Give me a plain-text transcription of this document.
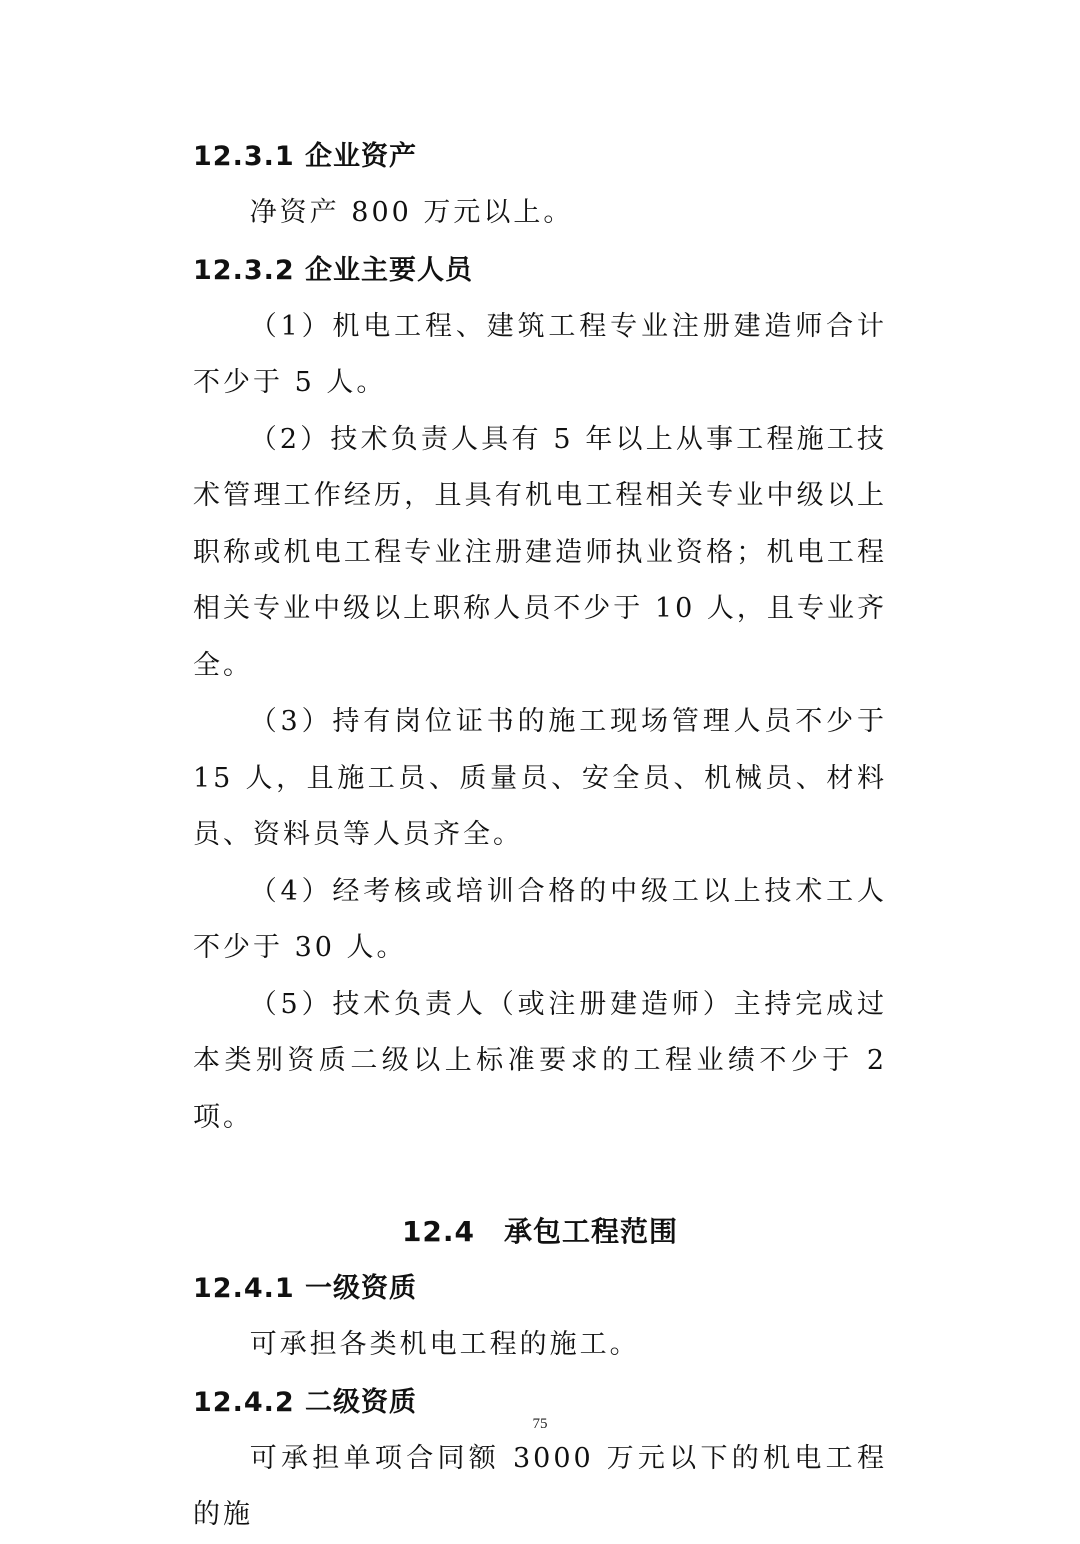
12.3.1 企业资产

净资产 800 万元以上。

12.3.2 企业主要人员

（1）机电工程、建筑工程专业注册建造师合计不少于 5 人。

（2）技术负责人具有 5 年以上从事工程施工技术管理工作经历，且具有机电工程相关专业中级以上职称或机电工程专业注册建造师执业资格；机电工程相关专业中级以上职称人员不少于 10 人，且专业齐全。

（3）持有岗位证书的施工现场管理人员不少于 15 人，且施工员、质量员、安全员、机械员、材料员、资料员等人员齐全。

（4）经考核或培训合格的中级工以上技术工人不少于 30 人。

（5）技术负责人（或注册建造师）主持完成过本类别资质二级以上标准要求的工程业绩不少于 2 项。

12.4　承包工程范围
12.4.1 一级资质

可承担各类机电工程的施工。

12.4.2 二级资质

可承担单项合同额 3000 万元以下的机电工程的施

75
